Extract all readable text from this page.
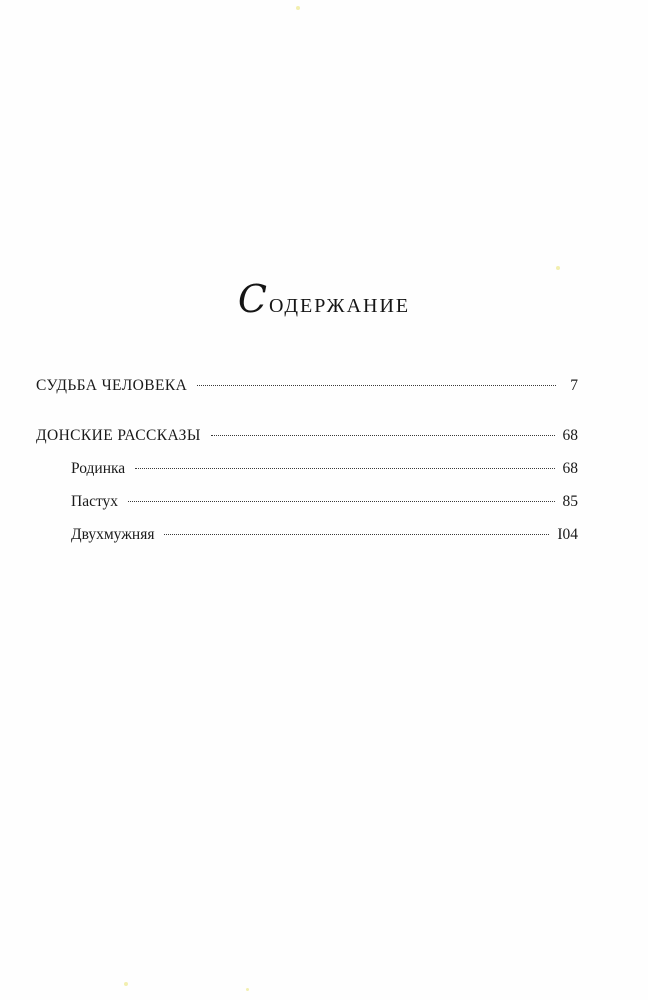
Содержание
СУДЬБА ЧЕЛОВЕКА	7
ДОНСКИЕ РАССКАЗЫ	68
Родинка	68
Пастух	85
Двухмужняя	I04
